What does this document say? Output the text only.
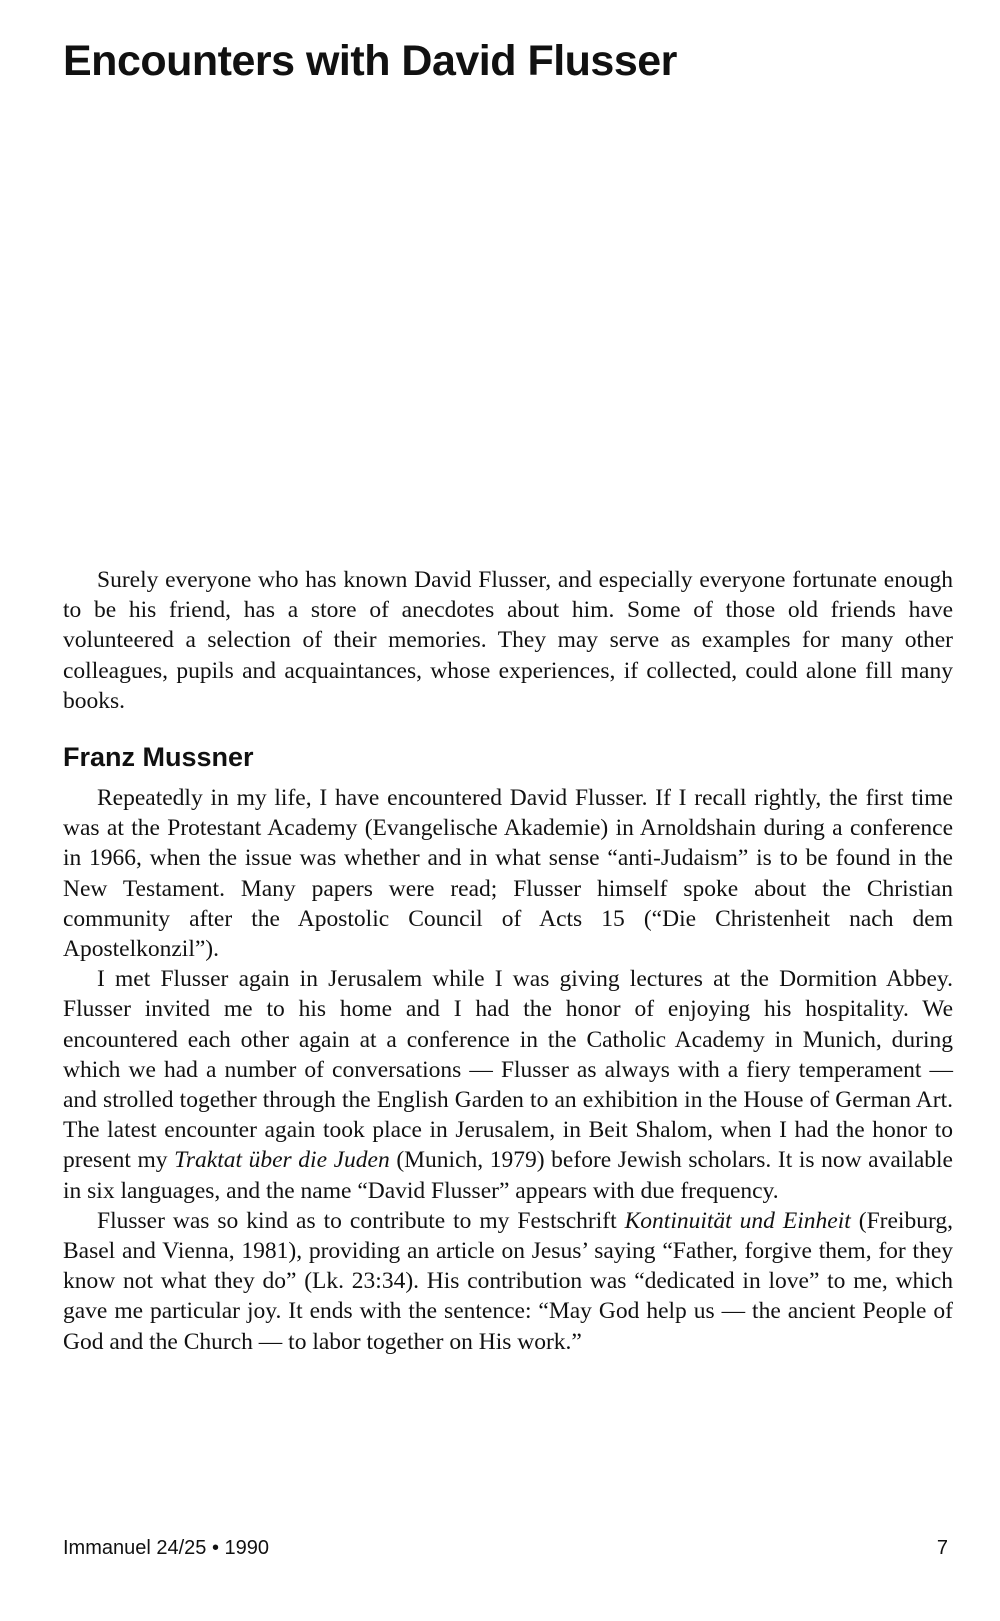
Encounters with David Flusser

Surely everyone who has known David Flusser, and especially everyone fortunate enough to be his friend, has a store of anecdotes about him. Some of those old friends have volunteered a selection of their memories. They may serve as examples for many other colleagues, pupils and acquaintances, whose experiences, if collected, could alone fill many books.

Franz Mussner

Repeatedly in my life, I have encountered David Flusser. If I recall rightly, the first time was at the Protestant Academy (Evangelische Akademie) in Arnoldshain during a conference in 1966, when the issue was whether and in what sense “anti-Judaism” is to be found in the New Testament. Many papers were read; Flusser himself spoke about the Christian community after the Apostolic Council of Acts 15 (“Die Christenheit nach dem Apostelkonzil”).

I met Flusser again in Jerusalem while I was giving lectures at the Dormition Abbey. Flusser invited me to his home and I had the honor of enjoying his hospitality. We encountered each other again at a conference in the Catholic Academy in Munich, during which we had a number of conversations — Flusser as always with a fiery temperament — and strolled together through the English Garden to an exhibition in the House of German Art. The latest encounter again took place in Jerusalem, in Beit Shalom, when I had the honor to present my Traktat über die Juden (Munich, 1979) before Jewish scholars. It is now available in six languages, and the name “David Flusser” appears with due frequency.

Flusser was so kind as to contribute to my Festschrift Kontinuität und Einheit (Freiburg, Basel and Vienna, 1981), providing an article on Jesus’ saying “Father, forgive them, for they know not what they do” (Lk. 23:34). His contribution was “dedicated in love” to me, which gave me particular joy. It ends with the sentence: “May God help us — the ancient People of God and the Church — to labor together on His work.”

Immanuel 24/25 • 1990	7
